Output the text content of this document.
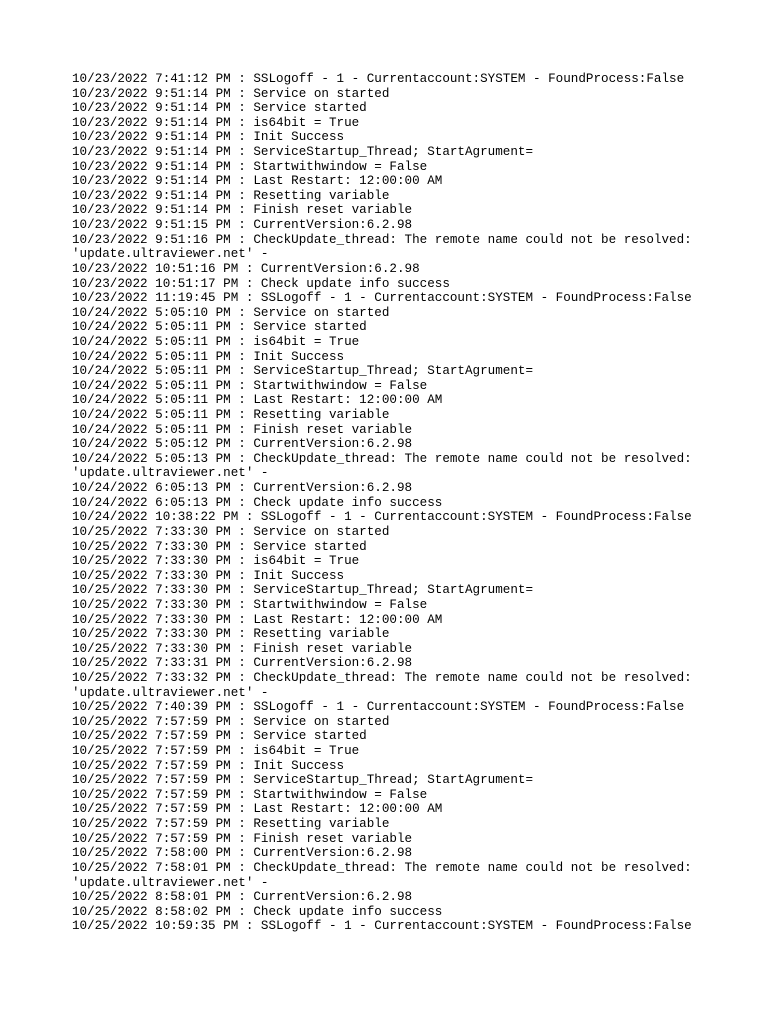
10/23/2022 7:41:12 PM : SSLogoff - 1 - Currentaccount:SYSTEM - FoundProcess:False
10/23/2022 9:51:14 PM : Service on started
10/23/2022 9:51:14 PM : Service started
10/23/2022 9:51:14 PM : is64bit = True
10/23/2022 9:51:14 PM : Init Success
10/23/2022 9:51:14 PM : ServiceStartup_Thread; StartAgrument=
10/23/2022 9:51:14 PM : Startwithwindow = False
10/23/2022 9:51:14 PM : Last Restart: 12:00:00 AM
10/23/2022 9:51:14 PM : Resetting variable
10/23/2022 9:51:14 PM : Finish reset variable
10/23/2022 9:51:15 PM : CurrentVersion:6.2.98
10/23/2022 9:51:16 PM : CheckUpdate_thread: The remote name could not be resolved:
'update.ultraviewer.net' -
10/23/2022 10:51:16 PM : CurrentVersion:6.2.98
10/23/2022 10:51:17 PM : Check update info success
10/23/2022 11:19:45 PM : SSLogoff - 1 - Currentaccount:SYSTEM - FoundProcess:False
10/24/2022 5:05:10 PM : Service on started
10/24/2022 5:05:11 PM : Service started
10/24/2022 5:05:11 PM : is64bit = True
10/24/2022 5:05:11 PM : Init Success
10/24/2022 5:05:11 PM : ServiceStartup_Thread; StartAgrument=
10/24/2022 5:05:11 PM : Startwithwindow = False
10/24/2022 5:05:11 PM : Last Restart: 12:00:00 AM
10/24/2022 5:05:11 PM : Resetting variable
10/24/2022 5:05:11 PM : Finish reset variable
10/24/2022 5:05:12 PM : CurrentVersion:6.2.98
10/24/2022 5:05:13 PM : CheckUpdate_thread: The remote name could not be resolved:
'update.ultraviewer.net' -
10/24/2022 6:05:13 PM : CurrentVersion:6.2.98
10/24/2022 6:05:13 PM : Check update info success
10/24/2022 10:38:22 PM : SSLogoff - 1 - Currentaccount:SYSTEM - FoundProcess:False
10/25/2022 7:33:30 PM : Service on started
10/25/2022 7:33:30 PM : Service started
10/25/2022 7:33:30 PM : is64bit = True
10/25/2022 7:33:30 PM : Init Success
10/25/2022 7:33:30 PM : ServiceStartup_Thread; StartAgrument=
10/25/2022 7:33:30 PM : Startwithwindow = False
10/25/2022 7:33:30 PM : Last Restart: 12:00:00 AM
10/25/2022 7:33:30 PM : Resetting variable
10/25/2022 7:33:30 PM : Finish reset variable
10/25/2022 7:33:31 PM : CurrentVersion:6.2.98
10/25/2022 7:33:32 PM : CheckUpdate_thread: The remote name could not be resolved:
'update.ultraviewer.net' -
10/25/2022 7:40:39 PM : SSLogoff - 1 - Currentaccount:SYSTEM - FoundProcess:False
10/25/2022 7:57:59 PM : Service on started
10/25/2022 7:57:59 PM : Service started
10/25/2022 7:57:59 PM : is64bit = True
10/25/2022 7:57:59 PM : Init Success
10/25/2022 7:57:59 PM : ServiceStartup_Thread; StartAgrument=
10/25/2022 7:57:59 PM : Startwithwindow = False
10/25/2022 7:57:59 PM : Last Restart: 12:00:00 AM
10/25/2022 7:57:59 PM : Resetting variable
10/25/2022 7:57:59 PM : Finish reset variable
10/25/2022 7:58:00 PM : CurrentVersion:6.2.98
10/25/2022 7:58:01 PM : CheckUpdate_thread: The remote name could not be resolved:
'update.ultraviewer.net' -
10/25/2022 8:58:01 PM : CurrentVersion:6.2.98
10/25/2022 8:58:02 PM : Check update info success
10/25/2022 10:59:35 PM : SSLogoff - 1 - Currentaccount:SYSTEM - FoundProcess:False
